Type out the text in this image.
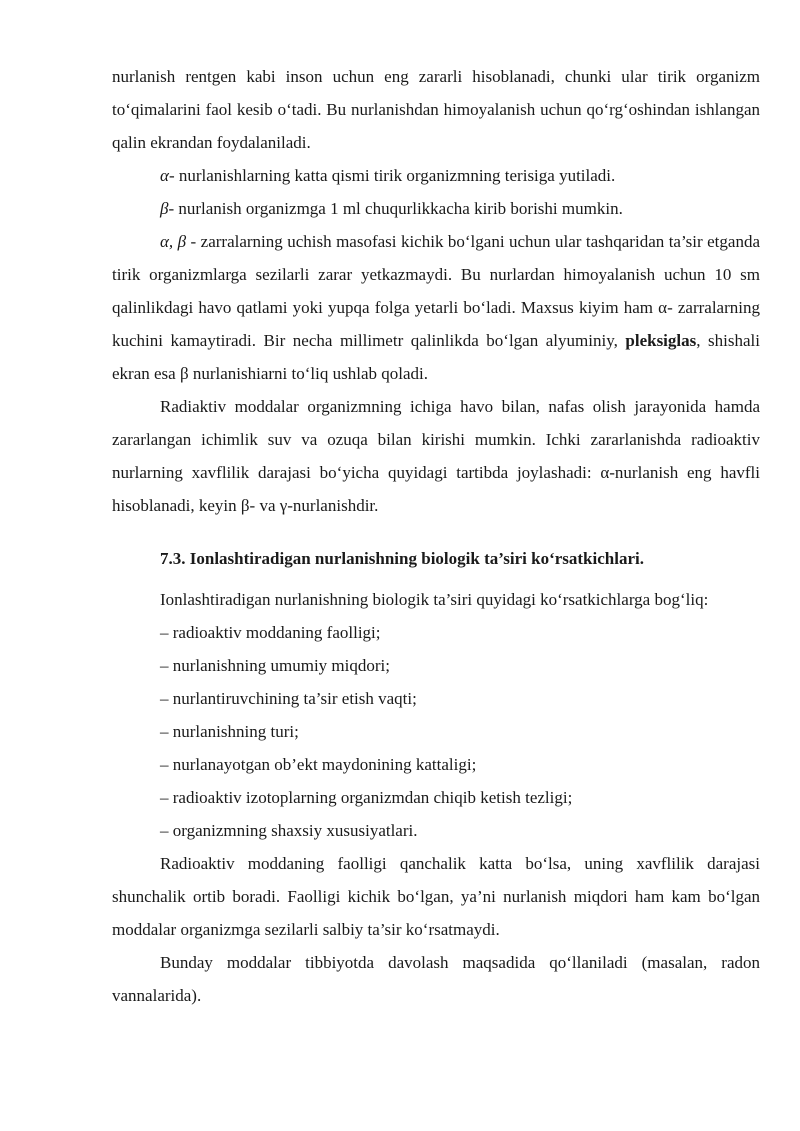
nurlanish rentgen kabi inson uchun eng zararli hisoblanadi, chunki ular tirik organizm to‘qimalarini faol kesib o‘tadi. Bu nurlanishdan himoyalanish uchun qo‘rg‘oshindan ishlangan qalin ekrandan foydalaniladi.

α- nurlanishlarning katta qismi tirik organizmning terisiga yutiladi.

β- nurlanish organizmga 1 ml chuqurlikkacha kirib borishi mumkin.

α, β - zarralarning uchish masofasi kichik bo‘lgani uchun ular tashqaridan ta’sir etganda tirik organizmlarga sezilarli zarar yetkazmaydi. Bu nurlardan himoyalanish uchun 10 sm qalinlikdagi havo qatlami yoki yupqa folga yetarli bo‘ladi. Maxsus kiyim ham α- zarralarning kuchini kamaytiradi. Bir necha millimetr qalinlikda bo‘lgan alyuminiy, pleksiglas, shishali ekran esa β nurlanishiarni to‘liq ushlab qoladi.

Radiaktiv moddalar organizmning ichiga havo bilan, nafas olish jarayonida hamda zararlangan ichimlik suv va ozuqa bilan kirishi mumkin. Ichki zararlanishda radioaktiv nurlarning xavflilik darajasi bo‘yicha quyidagi tartibda joylashadi: α-nurlanish eng havfli hisoblanadi, keyin β- va γ-nurlanishdir.

7.3. Ionlashtiradigan nurlanishning biologik ta’siri ko‘rsatkichlari.

Ionlashtiradigan nurlanishning biologik ta’siri quyidagi ko‘rsatkichlarga bog‘liq:

– radioaktiv moddaning faolligi;

– nurlanishning umumiy miqdori;

– nurlantiruvchining ta’sir etish vaqti;

– nurlanishning turi;

– nurlanayotgan ob’ekt maydonining kattaligi;

– radioaktiv izotoplarning organizmdan chiqib ketish tezligi;

– organizmning shaxsiy xususiyatlari.

Radioaktiv moddaning faolligi qanchalik katta bo‘lsa, uning xavflilik darajasi shunchalik ortib boradi. Faolligi kichik bo‘lgan, ya’ni nurlanish miqdori ham kam bo‘lgan moddalar organizmga sezilarli salbiy ta’sir ko‘rsatmaydi.

Bunday moddalar tibbiyotda davolash maqsadida qo‘llaniladi (masalan, radon vannalarida).
